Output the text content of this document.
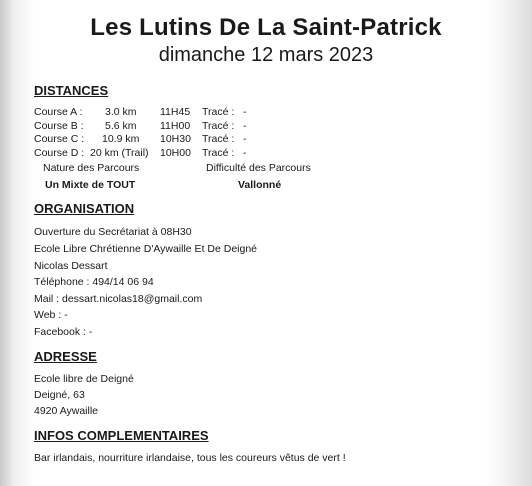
Les Lutins De La Saint-Patrick
dimanche 12 mars 2023
DISTANCES
Course A : 3.0 km 11H45 Tracé : -
Course B : 5.6 km 11H00 Tracé : -
Course C : 10.9 km 10H30 Tracé : -
Course D : 20 km (Trail) 10H00 Tracé : -
Nature des Parcours	Difficulté des Parcours
Un Mixte de TOUT	Vallonné
ORGANISATION
Ouverture du Secrétariat à 08H30
Ecole Libre Chrétienne D'Aywaille Et De Deigné
Nicolas Dessart
Téléphone : 494/14 06 94
Mail : dessart.nicolas18@gmail.com
Web : -
Facebook : -
ADRESSE
Ecole libre de Deigné
Deigné, 63
4920 Aywaille
INFOS COMPLEMENTAIRES
Bar irlandais, nourriture irlandaise, tous les coureurs vêtus de vert !
